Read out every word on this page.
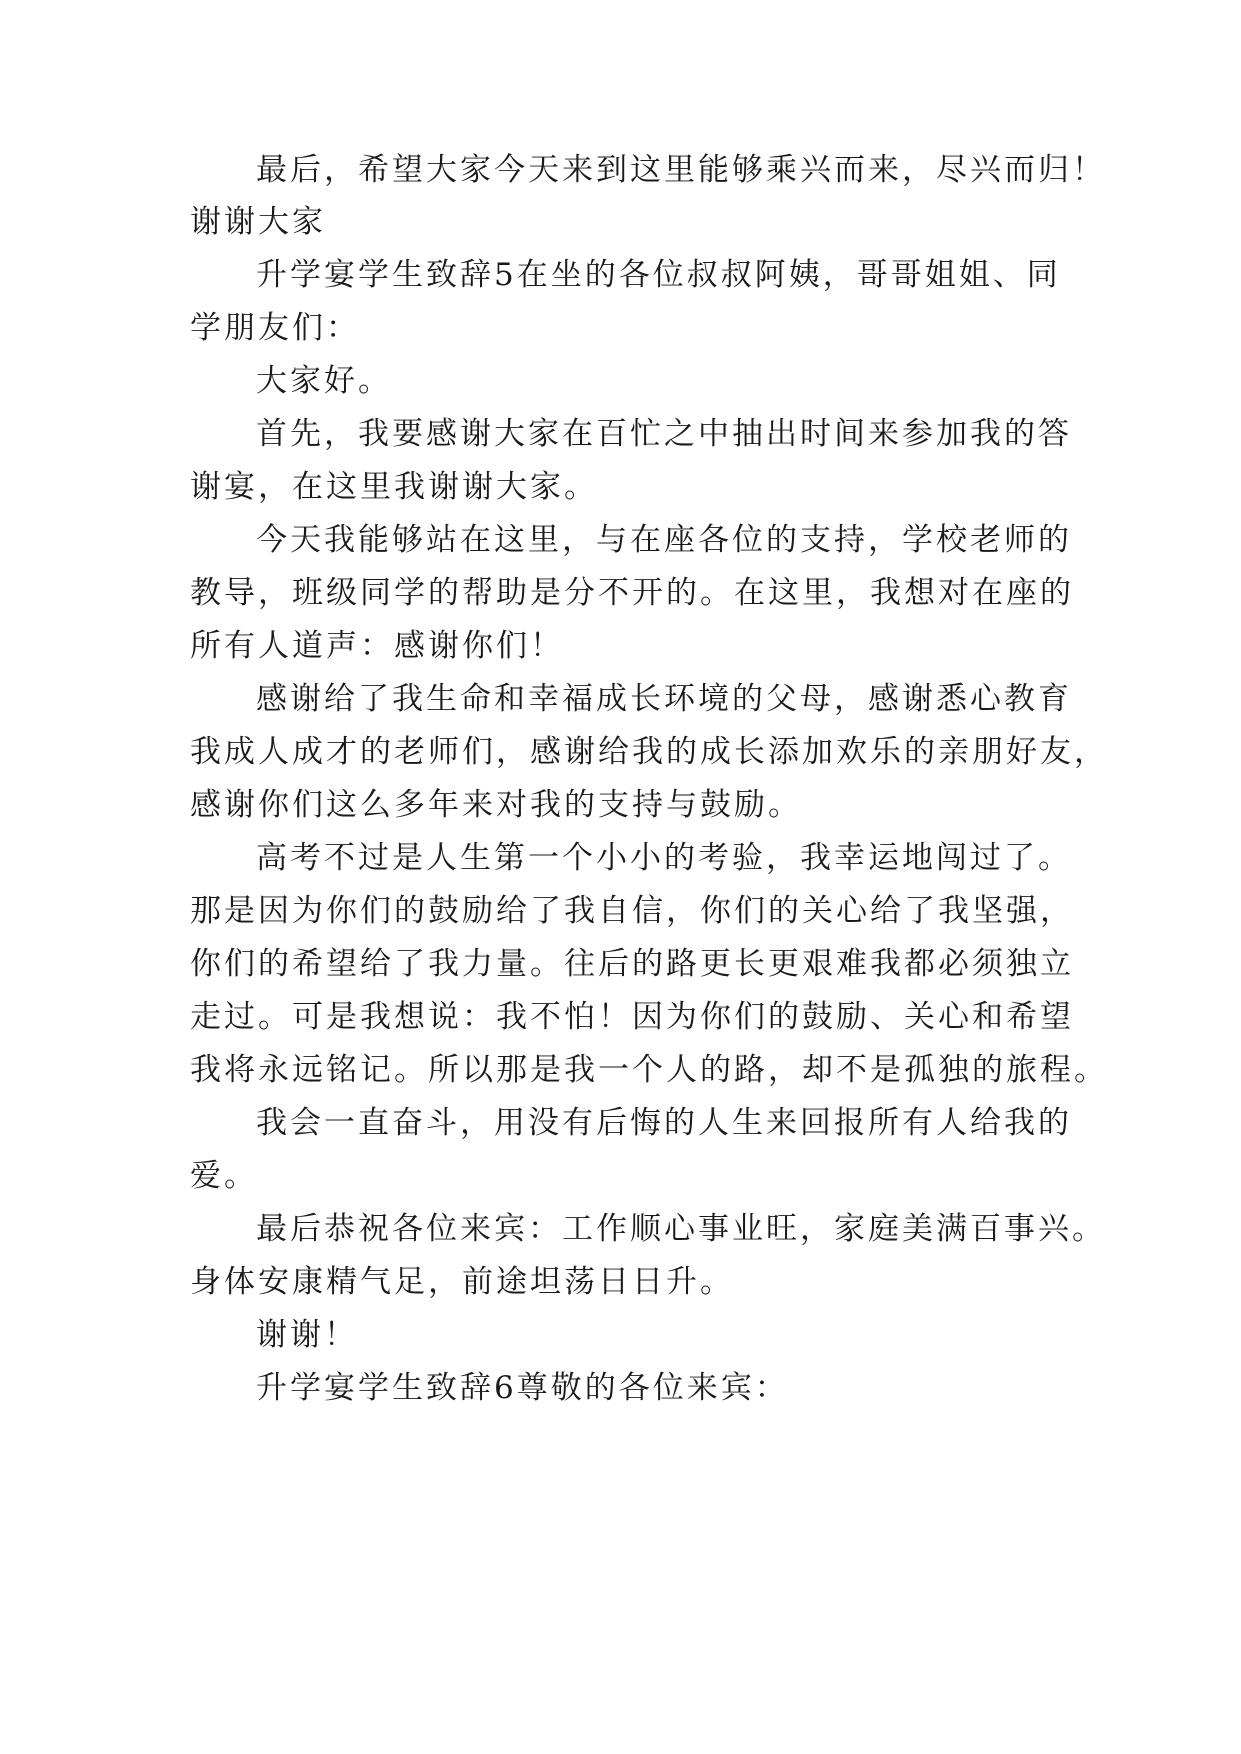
最后，希望大家今天来到这里能够乘兴而来，尽兴而归！
谢谢大家
升学宴学生致辞5在坐的各位叔叔阿姨，哥哥姐姐、同
学朋友们：
大家好。
首先，我要感谢大家在百忙之中抽出时间来参加我的答
谢宴，在这里我谢谢大家。
今天我能够站在这里，与在座各位的支持，学校老师的
教导，班级同学的帮助是分不开的。在这里，我想对在座的
所有人道声：感谢你们！
感谢给了我生命和幸福成长环境的父母，感谢悉心教育
我成人成才的老师们，感谢给我的成长添加欢乐的亲朋好友，
感谢你们这么多年来对我的支持与鼓励。
高考不过是人生第一个小小的考验，我幸运地闯过了。
那是因为你们的鼓励给了我自信，你们的关心给了我坚强，
你们的希望给了我力量。往后的路更长更艰难我都必须独立
走过。可是我想说：我不怕！因为你们的鼓励、关心和希望
我将永远铭记。所以那是我一个人的路，却不是孤独的旅程。
我会一直奋斗，用没有后悔的人生来回报所有人给我的
爱。
最后恭祝各位来宾：工作顺心事业旺，家庭美满百事兴。
身体安康精气足，前途坦荡日日升。
谢谢！
升学宴学生致辞6尊敬的各位来宾：
